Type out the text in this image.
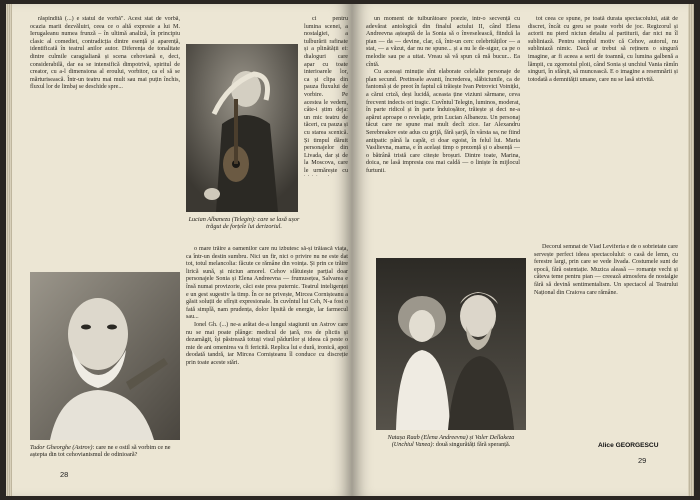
răspîndită (...) e statul de vorbă". Acest stat de vorbă, ocazia marii dezvăluiri, ceea ce o altă expresie a lui M. Ierugaleanu numea frunză – în ultimă analiză, în principiu clasic al comediei, contradicția dintre esență și aparență, identificată în teatrul anilor autor. Diferența de tonalitate dintre culmile caragialiană și scena cehoviană e, deci, considerabilă, dar ea se intensifică dimpotrivă, spiritul de creator, cu a-l dimensiona al eroului, vorbitor, ca el să se mărturisească. Într-un teatru mai mult sau mai puțin închis, fluxul lor de limbaj se deschide spre...

Lucian Albanezu (Telegin): care se lasă ușor trăgut de forțele lui derizoriul.

ci pentru lumina scenei, a nostalgiei, a tulburării rafinate și a plinătății ei: dialoguri care apar cu toate interioarele lor, ca și clipa din pauza fluxului de vorbire. Pe acestea le vedem, câte-i știm deja: un mic teatru de tăceri, cu pauza și cu starea scenică. Și timpul dăruit personajelor din Livada, dar și de la Moscova, care le urmărește cu

o mare trăire a oamenilor care nu izbutesc să-și trăiască viața, ca într-un destin sumbru. Nici un fir, nici o privire nu ne este dat tot, totul melancolia: făcute ce rămâne din voința. Și prin ce trăire lirică sună, și niciun amorel. Cehov sfătuiește parțial doar personajele Sonia și Elena Andreevna — frumusețea, Salvarea e însă numai provizorie, căci este prea puternic. Teatrul inteligenței e un gest sugestiv la timp. În ce ne privește, Mircea Cornișteanu a găsit soluții de sfîrșit expresionale. În cuvîntul lui Ceh, N-a fost o fată simplă, nam prudența, dolor lipsită de energie, lar farmecul sau...

Ionel Gh. (...) ne-a arătat de-a lungul stagiunii un Astrov care nu se mai poate plânge: medicul de țară, ros de plictis și dezamăgit, își păstrează totuși visul pădurilor și ideea că peste o mie de ani omenirea va fi fericită. Replica lui e dură, ironică, apoi deodată tandră, iar Mircea Cornișteanu îl conduce cu discreție prin toate aceste stări.

Tudor Gheorghe (Astrov): care ne e ostil să vorbim ce ne aștepta din tot cehovianismul de odinioară?
28

un moment de tulburătoare poezie, intr-o secvență cu adevărat antologică din finalul actului II, când Elena Andreevna așteaptă de la Sonia să o înveselească, fiindcă la pian — da — devine, clar, că, într-un cerc celebrităților — a stat, — a văzut, dar nu ne spune... și a nu le de-sigur, ca pe o melodie sau pe a uitat. Vreau să vă spun că mă bucur... Ea cîntă.

Cu aceeași minuție sînt elaborate celelalte personaje de plan secund. Pretinsele avanti, încrederea, slăbiciunile, ca de fantomă și de preot în faptul că trăiește Ivan Petrovici Voinițki, a cărui criză, deși lucidă, aceasta ține viziuni sărmane, ceva frecvent indecis ori tragic. Cuvîntul Telegin, luminos, moderat, în parte ridicol și în parte înduioșător, trăiește și deci ne-a apărut aproape o revelație, prin Lucian Albanezu. Un personaj tăcut care ne spune mai mult decît zice. Iar Alexandru Serebreakov este adus cu grijă, fără șarjă, în vârsta sa, ne fiind antipatic până la capăt, ci doar egoist, în felul lui. Maria Vasilievna, mama, e în același timp o prezență și o absență — o bătrână tristă care citește broșuri. Dintre toate, Marina, doica, ne lasă impresia cea mai caldă — o liniște în mijlocul furtunii.

tot ceea ce spune, pe toată durata spectacolului, atât de discret, încât cu greu se poate vorbi de joc. Regizorul și actorii nu pierd niciun detaliu al partiturii, dar nici nu îl subliniază. Pentru simplul motiv că Cehov, autorul, nu subliniază nimic. Dacă ar trebui să reținem o singură imagine, ar fi aceea a serii de toamnă, cu lumina galbenă a lămpii, cu zgomotul ploii, când Sonia și unchiul Vania rămîn singuri, în sfârșit, să muncească. E o imagine a resemnării și totodată a demnității umane, care nu se lasă strivită.

Natașa Raab (Elena Andreevna) și Valer Dellakeza (Unchiul Vanea): două singurătăți fără speranță.

Decorul semnat de Vlad Leviferia e de o sobrietate care servește perfect ideea spectacolului: o casă de lemn, cu ferestre largi, prin care se vede livada. Costumele sunt de epocă, fără ostentație. Muzica aleasă — romanțe vechi și câteva teme pentru pian — creează atmosfera de nostalgie fără să devină sentimentalism. Un spectacol al Teatrului Național din Craiova care rămâne.

Alice GEORGESCU
29
